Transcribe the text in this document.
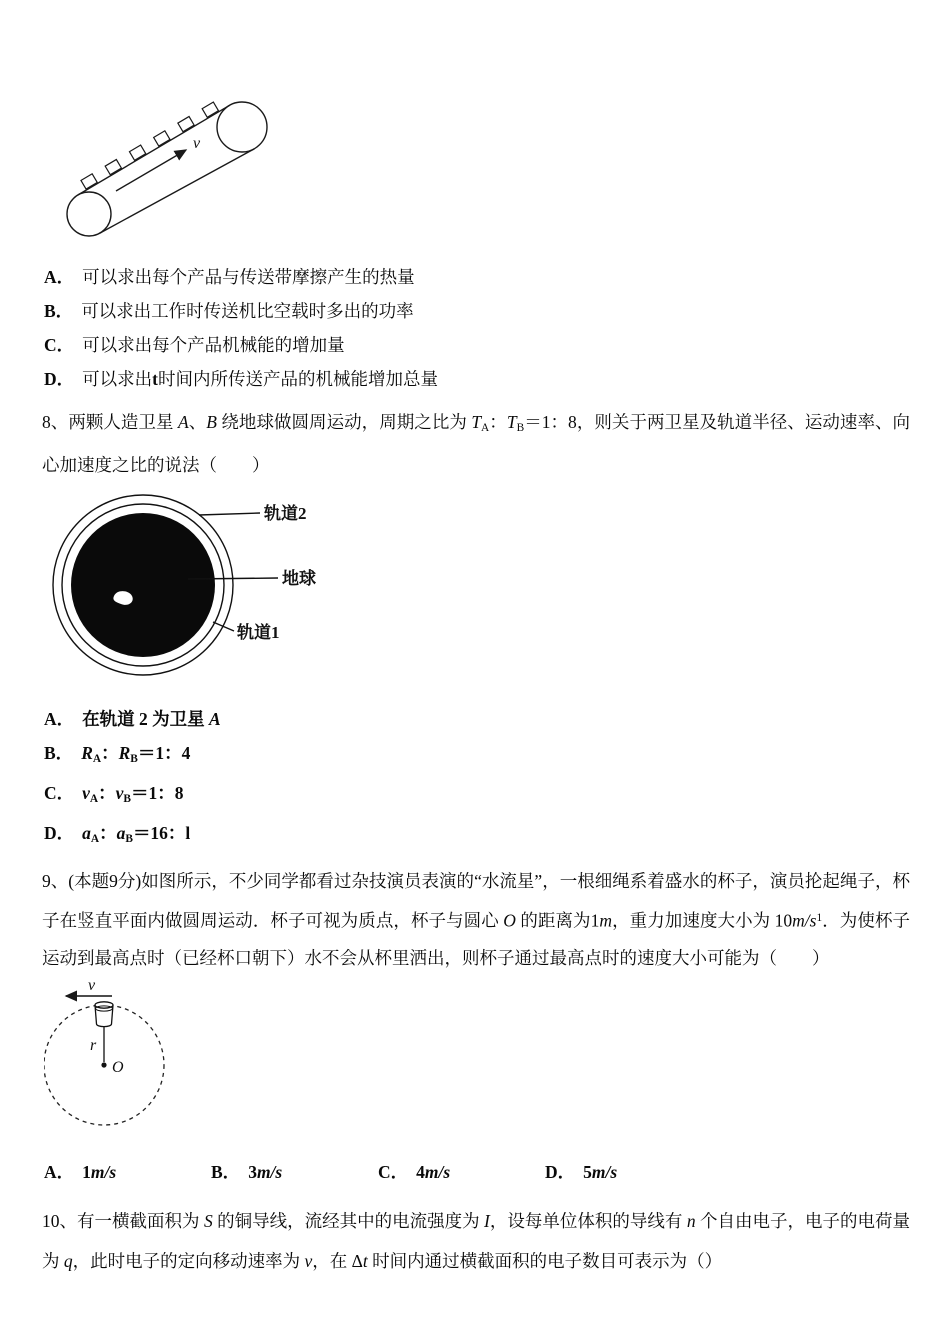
v
A． 可以求出每个产品与传送带摩擦产生的热量
B． 可以求出工作时传送机比空载时多出的功率
C． 可以求出每个产品机械能的增加量
D． 可以求出t时间内所传送产品的机械能增加总量

8、两颗人造卫星 A、B 绕地球做圆周运动，周期之比为 TA：TB＝1：8，则关于两卫星及轨道半径、运动速率、向心加速度之比的说法（　　）

轨道2
地球
轨道1
A． 在轨道 2 为卫星 A
B． RA：RB＝1：4
C． vA：vB＝1：8
D． aA：aB＝16：l

9、(本题9分)如图所示，不少同学都看过杂技演员表演的“水流星”，一根细绳系着盛水的杯子，演员抡起绳子，杯子在竖直平面内做圆周运动．杯子可视为质点，杯子与圆心 O 的距离为1m，重力加速度大小为 $10m/s^1$．为使杯子运动到最高点时（已经杯口朝下）水不会从杯里洒出，则杯子通过最高点时的速度大小可能为（　　）

v
r
O
A． 1m/s	B． 3m/s	C． 4m/s	D． 5m/s

10、有一横截面积为 S 的铜导线，流经其中的电流强度为 I，设每单位体积的导线有 n 个自由电子，电子的电荷量为 q，此时电子的定向移动速率为 v，在 Δt 时间内通过横截面积的电子数目可表示为（）
